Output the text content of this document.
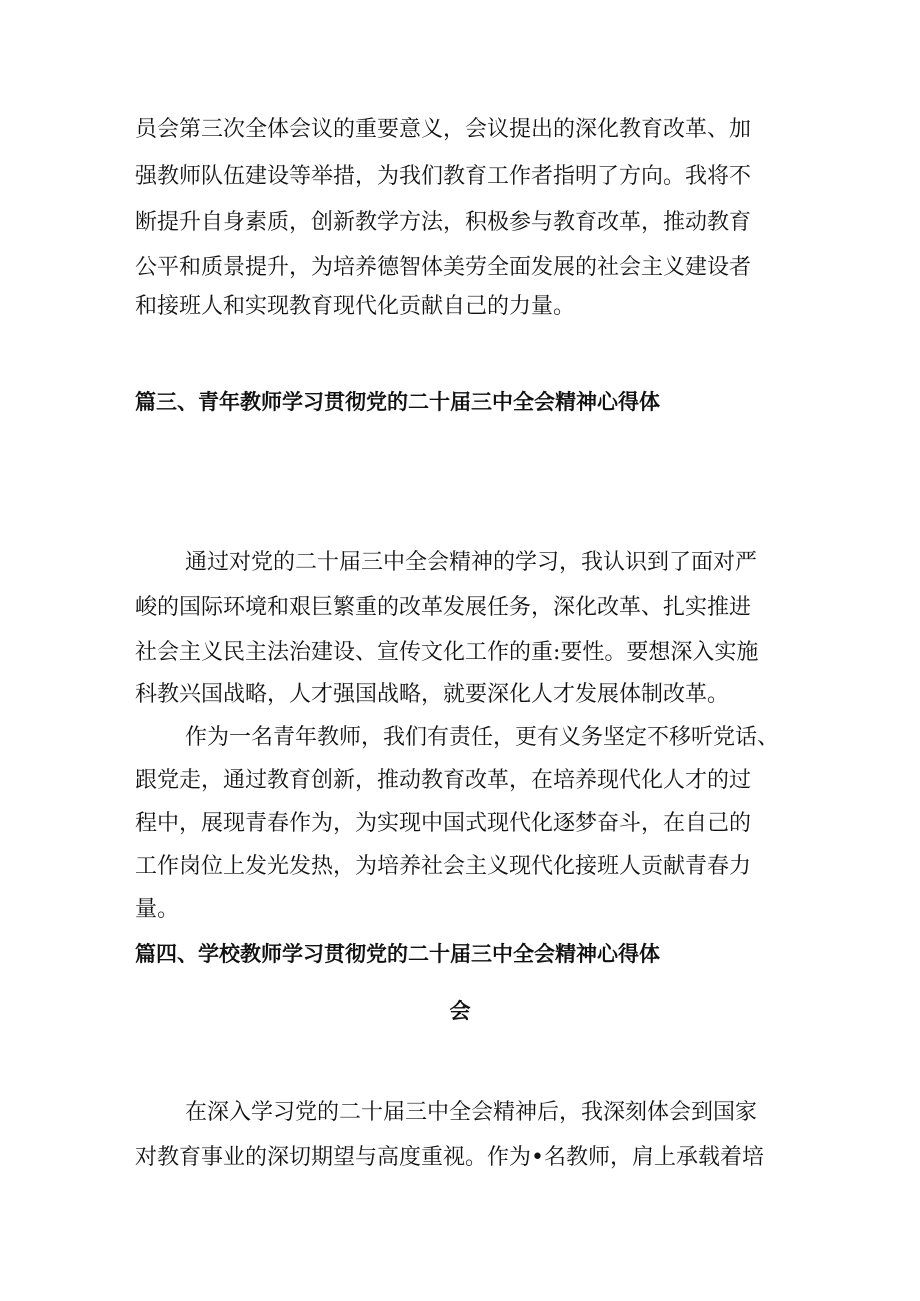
员会第三次全体会议的重要意义，会议提出的深化教育改革、加
强教师队伍建设等举措，为我们教育工作者指明了方向。我将不
断提升自身素质，创新教学方法，积极参与教育改革，推动教育
公平和质景提升，为培养德智体美劳全面发展的社会主义建设者
和接班人和实现教育现代化贡献自己的力量。
篇三、青年教师学习贯彻党的二十届三中全会精神心得体
通过对党的二十届三中全会精神的学习，我认识到了面对严
峻的国际环境和艰巨繁重的改革发展任务，深化改革、扎实推进
社会主义民主法治建设、宣传文化工作的重:要性。要想深入实施
科教兴国战略，人才强国战略，就要深化人才发展体制改革。
作为一名青年教师，我们有责任，更有义务坚定不移听党话、
跟党走，通过教育创新，推动教育改革，在培养现代化人才的过
程中，展现青春作为，为实现中国式现代化逐梦奋斗，在自己的
工作岗位上发光发热，为培养社会主义现代化接班人贡献青春力
量。
篇四、学校教师学习贯彻党的二十届三中全会精神心得体
会
在深入学习党的二十届三中全会精神后，我深刻体会到国家
对教育事业的深切期望与高度重视。作为•名教师，肩上承载着培
